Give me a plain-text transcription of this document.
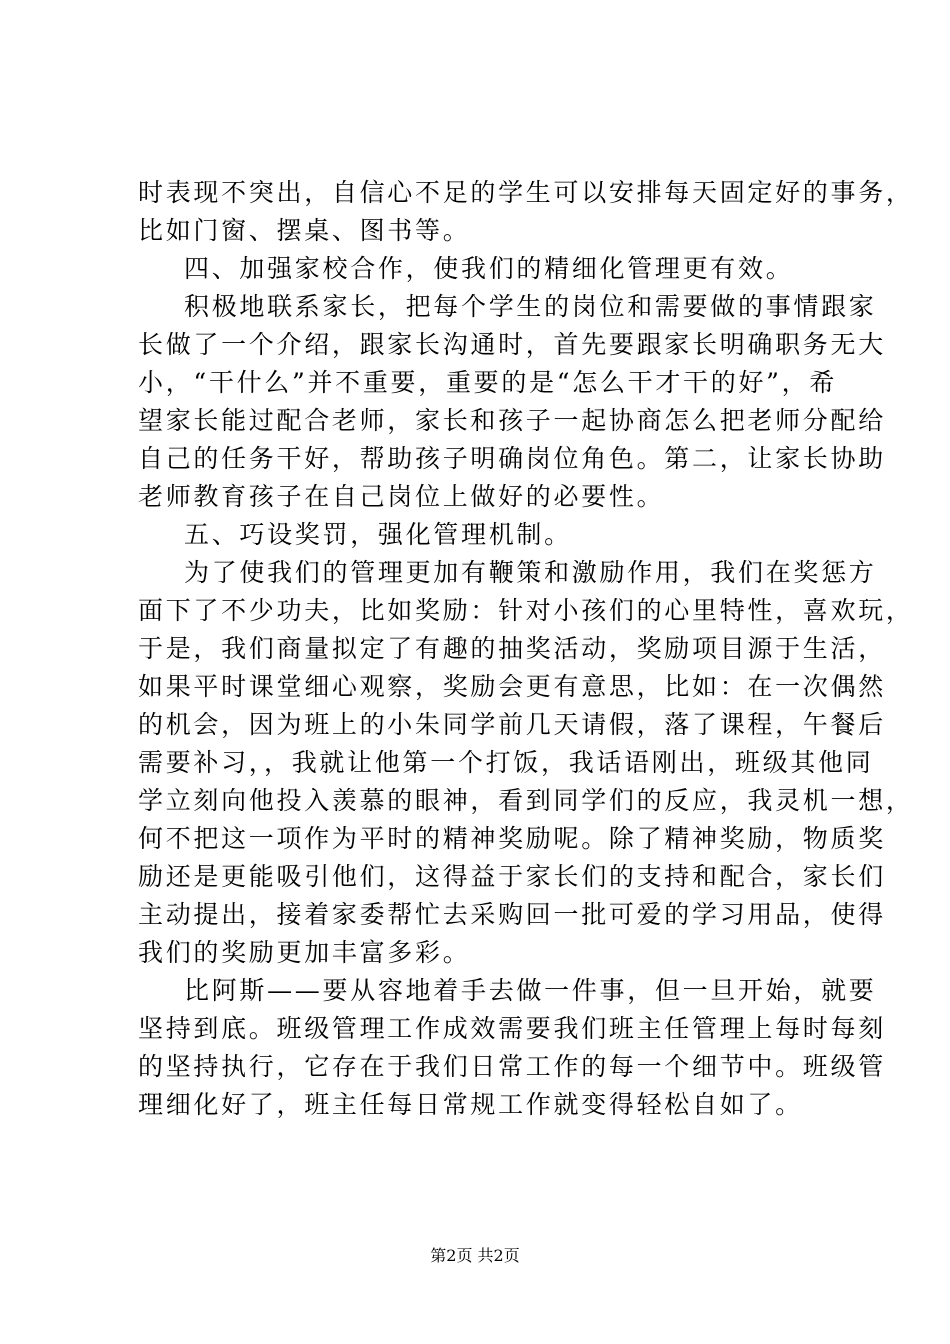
时表现不突出，自信心不足的学生可以安排每天固定好的事务，
比如门窗、摆桌、图书等。
四、加强家校合作，使我们的精细化管理更有效。
积极地联系家长，把每个学生的岗位和需要做的事情跟家
长做了一个介绍，跟家长沟通时，首先要跟家长明确职务无大
小，“干什么”并不重要，重要的是“怎么干才干的好”，希
望家长能过配合老师，家长和孩子一起协商怎么把老师分配给
自己的任务干好，帮助孩子明确岗位角色。第二，让家长协助
老师教育孩子在自己岗位上做好的必要性。
五、巧设奖罚，强化管理机制。
为了使我们的管理更加有鞭策和激励作用，我们在奖惩方
面下了不少功夫，比如奖励：针对小孩们的心里特性，喜欢玩，
于是，我们商量拟定了有趣的抽奖活动，奖励项目源于生活，
如果平时课堂细心观察，奖励会更有意思，比如：在一次偶然
的机会，因为班上的小朱同学前几天请假，落了课程，午餐后
需要补习，，我就让他第一个打饭，我话语刚出，班级其他同
学立刻向他投入羡慕的眼神，看到同学们的反应，我灵机一想，
何不把这一项作为平时的精神奖励呢。除了精神奖励，物质奖
励还是更能吸引他们，这得益于家长们的支持和配合，家长们
主动提出，接着家委帮忙去采购回一批可爱的学习用品，使得
我们的奖励更加丰富多彩。
比阿斯——要从容地着手去做一件事，但一旦开始，就要
坚持到底。班级管理工作成效需要我们班主任管理上每时每刻
的坚持执行，它存在于我们日常工作的每一个细节中。班级管
理细化好了，班主任每日常规工作就变得轻松自如了。
第2页 共2页
